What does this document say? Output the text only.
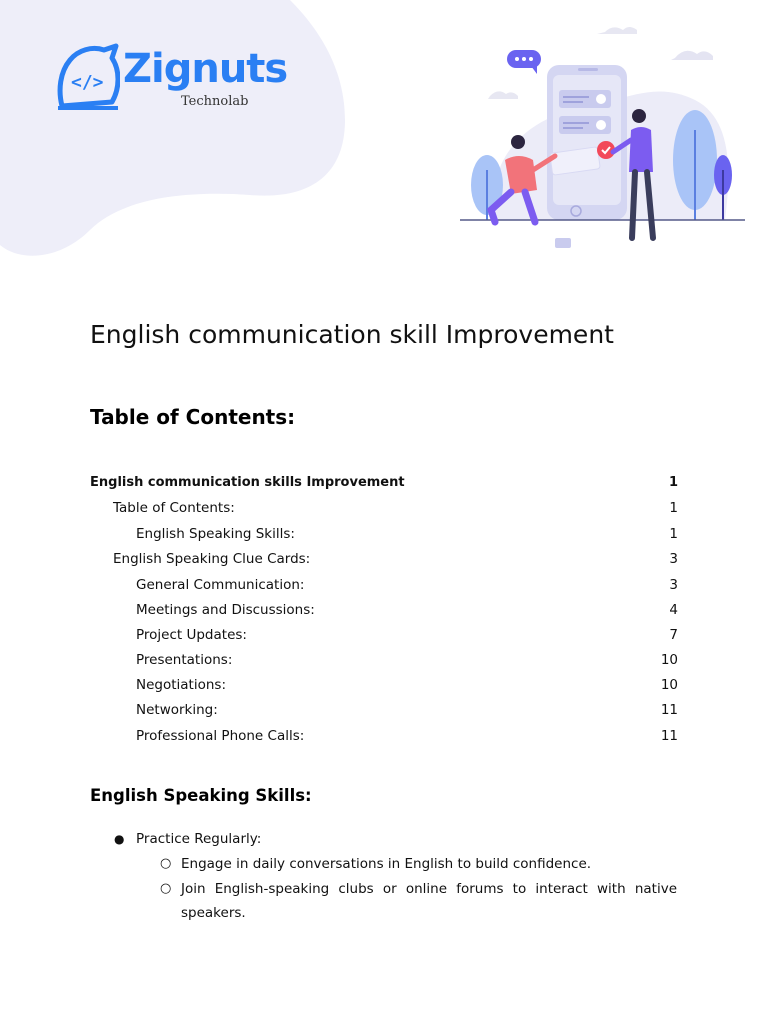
</> Zignuts
Technolab
English communication skill Improvement
Table of Contents:
English communication skills Improvement	1
Table of Contents:	1
English Speaking Skills:	1
English Speaking Clue Cards:	3
General Communication:	3
Meetings and Discussions:	4
Project Updates:	7
Presentations:	10
Negotiations:	10
Networking:	11
Professional Phone Calls:	11
English Speaking Skills:
● Practice Regularly:

○ Engage in daily conversations in English to build confidence.

○ Join English-speaking clubs or online forums to interact with native speakers.
